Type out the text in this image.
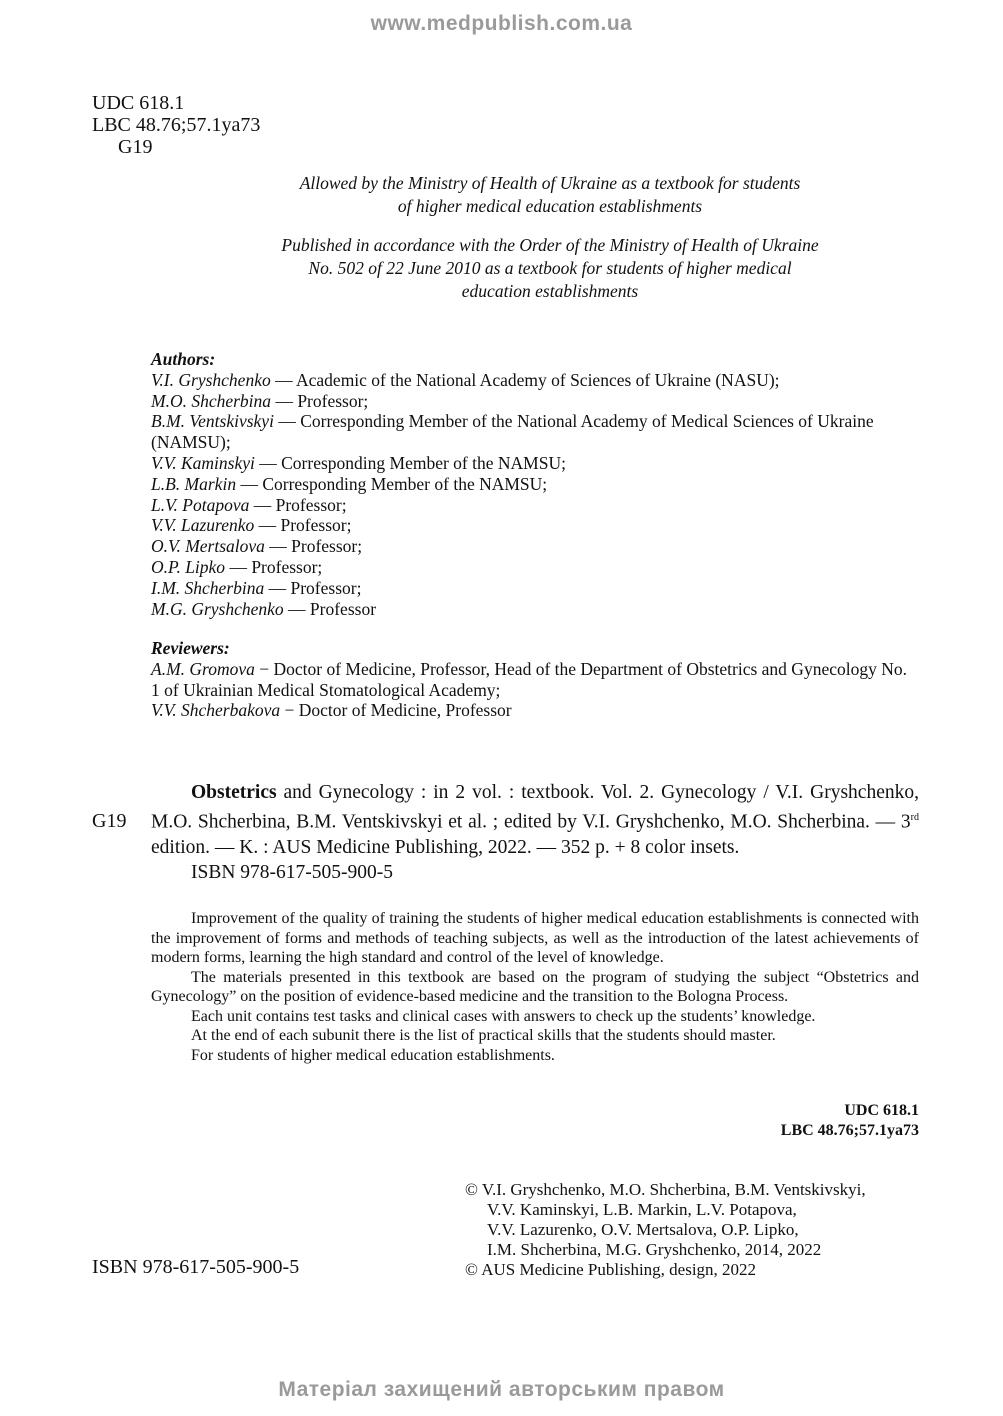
www.medpublish.com.ua
UDC 618.1
LBC 48.76;57.1ya73
G19
Allowed by the Ministry of Health of Ukraine as a textbook for students
of higher medical education establishments
Published in accordance with the Order of the Ministry of Health of Ukraine
No. 502 of 22 June 2010 as a textbook for students of higher medical
education establishments
Authors:
V.I. Gryshchenko — Academic of the National Academy of Sciences of Ukraine (NASU);
M.O. Shcherbina — Professor;
B.M. Ventskivskyi — Corresponding Member of the National Academy of Medical Sciences of Ukraine (NAMSU);
V.V. Kaminskyi — Corresponding Member of the NAMSU;
L.B. Markin — Corresponding Member of the NAMSU;
L.V. Potapova — Professor;
V.V. Lazurenko — Professor;
O.V. Mertsalova — Professor;
O.P. Lipko — Professor;
I.M. Shcherbina — Professor;
M.G. Gryshchenko — Professor
Reviewers:
A.M. Gromova − Doctor of Medicine, Professor, Head of the Department of Obstetrics and Gynecology No. 1 of Ukrainian Medical Stomatological Academy;
V.V. Shcherbakova − Doctor of Medicine, Professor
G19
Obstetrics and Gynecology : in 2 vol. : textbook. Vol. 2. Gynecology / V.I. Gryshchenko, M.O. Shcherbina, B.M. Ventskivskyi et al. ; edited by V.I. Gryshchenko, M.O. Shcherbina. — 3rd edition. — K. : AUS Medicine Publishing, 2022. — 352 p. + 8 color insets.
ISBN 978-617-505-900-5

Improvement of the quality of training the students of higher medical education establishments is connected with the improvement of forms and methods of teaching subjects, as well as the introduction of the latest achievements of modern forms, learning the high standard and control of the level of knowledge.

The materials presented in this textbook are based on the program of studying the subject “Obstetrics and Gynecology” on the position of evidence-based medicine and the transition to the Bologna Process.

Each unit contains test tasks and clinical cases with answers to check up the students’ knowledge.

At the end of each subunit there is the list of practical skills that the students should master.

For students of higher medical education establishments.

UDC 618.1
LBC 48.76;57.1ya73
© V.I. Gryshchenko, M.O. Shcherbina, B.M. Ventskivskyi,
V.V. Kaminskyi, L.B. Markin, L.V. Potapova,
V.V. Lazurenko, O.V. Mertsalova, O.P. Lipko,
I.M. Shcherbina, M.G. Gryshchenko, 2014, 2022
© AUS Medicine Publishing, design, 2022
ISBN 978-617-505-900-5
Матеріал захищений авторським правом
